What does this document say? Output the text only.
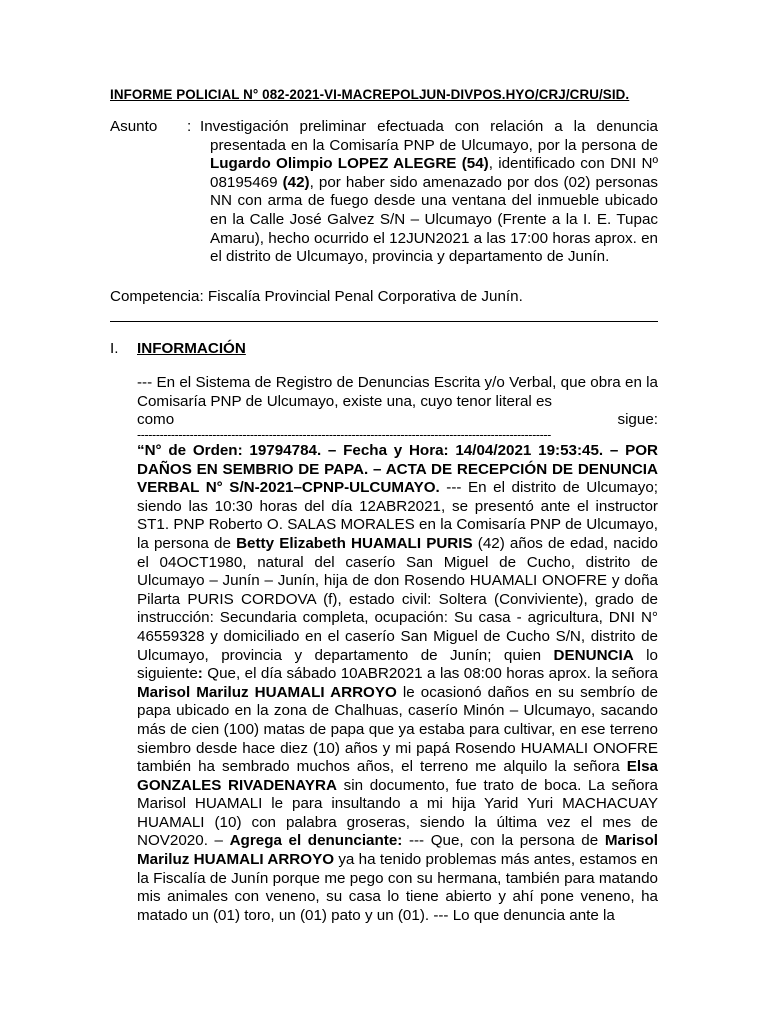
INFORME POLICIAL N° 082-2021-VI-MACREPOLJUN-DIVPOS.HYO/CRJ/CRU/SID.
Asunto : Investigación preliminar efectuada con relación a la denuncia
presentada en la Comisaría PNP de Ulcumayo, por la persona de Lugardo Olimpio LOPEZ ALEGRE (54), identificado con DNI Nº 08195469 (42), por haber sido amenazado por dos (02) personas NN con arma de fuego desde una ventana del inmueble ubicado en la Calle José Galvez S/N – Ulcumayo (Frente a la I. E. Tupac Amaru), hecho ocurrido el 12JUN2021 a las 17:00 horas aprox. en el distrito de Ulcumayo, provincia y departamento de Junín.
Competencia: Fiscalía Provincial Penal Corporativa de Junín.
I. INFORMACIÓN
--- En el Sistema de Registro de Denuncias Escrita y/o Verbal, que obra en la Comisaría PNP de Ulcumayo, existe una, cuyo tenor literal es
como	sigue:
--------------------------------------------------------------------------------------------------------------
“N° de Orden: 19794784. – Fecha y Hora: 14/04/2021 19:53:45. – POR DAÑOS EN SEMBRIO DE PAPA. – ACTA DE RECEPCIÓN DE DENUNCIA VERBAL N° S/N-2021–CPNP-ULCUMAYO. --- En el distrito de Ulcumayo; siendo las 10:30 horas del día 12ABR2021, se presentó ante el instructor ST1. PNP Roberto O. SALAS MORALES en la Comisaría PNP de Ulcumayo, la persona de Betty Elizabeth HUAMALI PURIS (42) años de edad, nacido el 04OCT1980, natural del caserío San Miguel de Cucho, distrito de Ulcumayo – Junín – Junín, hija de don Rosendo HUAMALI ONOFRE y doña Pilarta PURIS CORDOVA (f), estado civil: Soltera (Conviviente), grado de instrucción: Secundaria completa, ocupación: Su casa - agricultura, DNI N° 46559328 y domiciliado en el caserío San Miguel de Cucho S/N, distrito de Ulcumayo, provincia y departamento de Junín; quien DENUNCIA lo siguiente: Que, el día sábado 10ABR2021 a las 08:00 horas aprox. la señora Marisol Mariluz HUAMALI ARROYO le ocasionó daños en su sembrío de papa ubicado en la zona de Chalhuas, caserío Minón – Ulcumayo, sacando más de cien (100) matas de papa que ya estaba para cultivar, en ese terreno siembro desde hace diez (10) años y mi papá Rosendo HUAMALI ONOFRE también ha sembrado muchos años, el terreno me alquilo la señora Elsa GONZALES RIVADENAYRA sin documento, fue trato de boca. La señora Marisol HUAMALI le para insultando a mi hija Yarid Yuri MACHACUAY HUAMALI (10) con palabra groseras, siendo la última vez el mes de NOV2020. – Agrega el denunciante: --- Que, con la persona de Marisol Mariluz HUAMALI ARROYO ya ha tenido problemas más antes, estamos en la Fiscalía de Junín porque me pego con su hermana, también para matando mis animales con veneno, su casa lo tiene abierto y ahí pone veneno, ha matado un (01) toro, un (01) pato y un (01). --- Lo que denuncia ante la
